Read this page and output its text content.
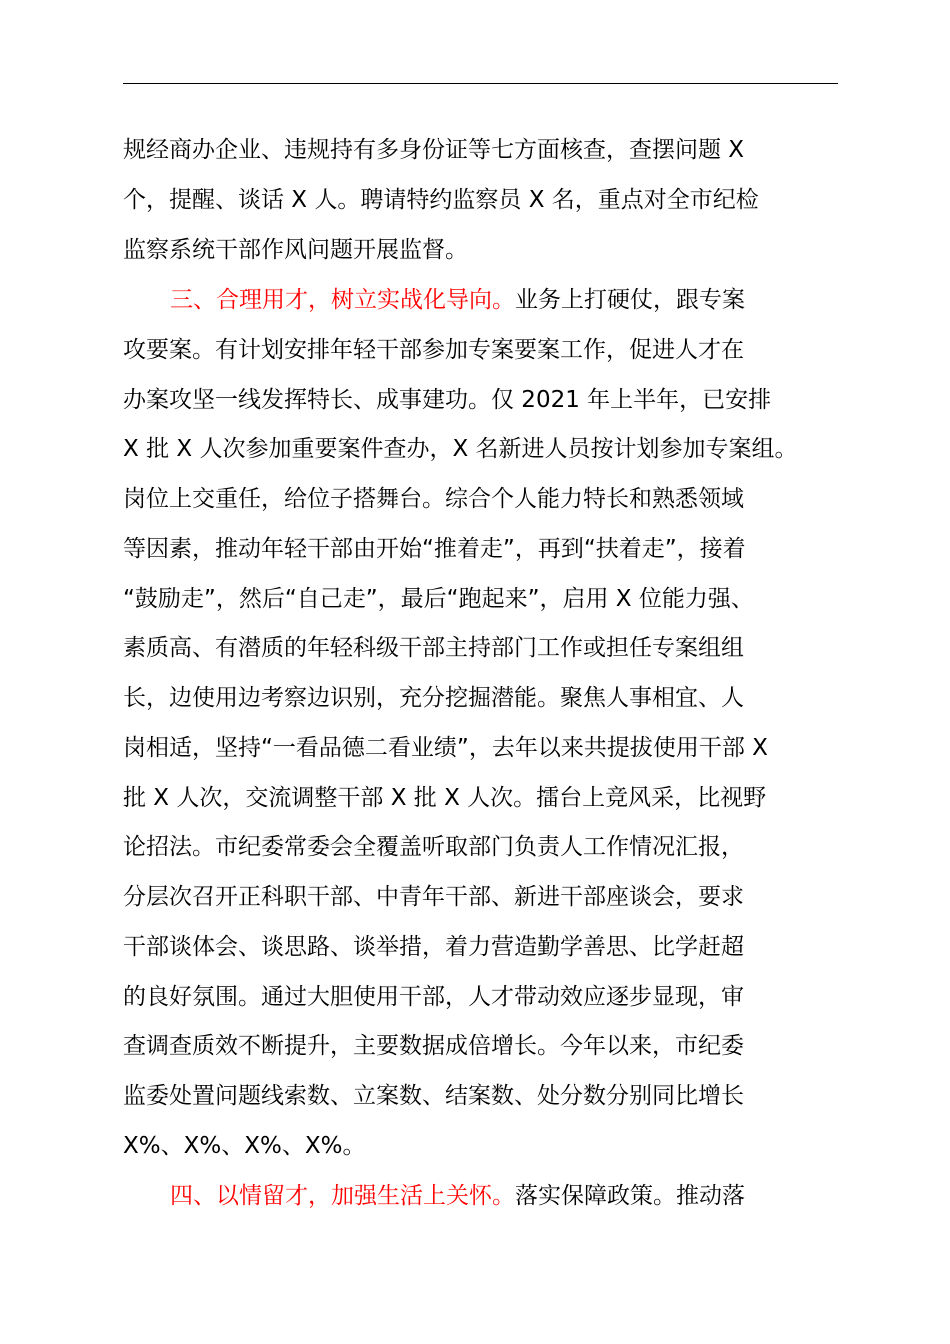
规经商办企业、违规持有多身份证等七方面核查，查摆问题 X
个，提醒、谈话 X 人。聘请特约监察员 X 名，重点对全市纪检
监察系统干部作风问题开展监督。
三、合理用才，树立实战化导向。业务上打硬仗，跟专案
攻要案。有计划安排年轻干部参加专案要案工作，促进人才在
办案攻坚一线发挥特长、成事建功。仅 2021 年上半年，已安排
X 批 X 人次参加重要案件查办，X 名新进人员按计划参加专案组。
岗位上交重任，给位子搭舞台。综合个人能力特长和熟悉领域
等因素，推动年轻干部由开始“推着走”，再到“扶着走”，接着
“鼓励走”，然后“自己走”，最后“跑起来”，启用 X 位能力强、
素质高、有潜质的年轻科级干部主持部门工作或担任专案组组
长，边使用边考察边识别，充分挖掘潜能。聚焦人事相宜、人
岗相适，坚持“一看品德二看业绩”，去年以来共提拔使用干部 X
批 X 人次，交流调整干部 X 批 X 人次。擂台上竞风采，比视野
论招法。市纪委常委会全覆盖听取部门负责人工作情况汇报，
分层次召开正科职干部、中青年干部、新进干部座谈会，要求
干部谈体会、谈思路、谈举措，着力营造勤学善思、比学赶超
的良好氛围。通过大胆使用干部，人才带动效应逐步显现，审
查调查质效不断提升，主要数据成倍增长。今年以来，市纪委
监委处置问题线索数、立案数、结案数、处分数分别同比增长
X%、X%、X%、X%。
四、以情留才，加强生活上关怀。落实保障政策。推动落
